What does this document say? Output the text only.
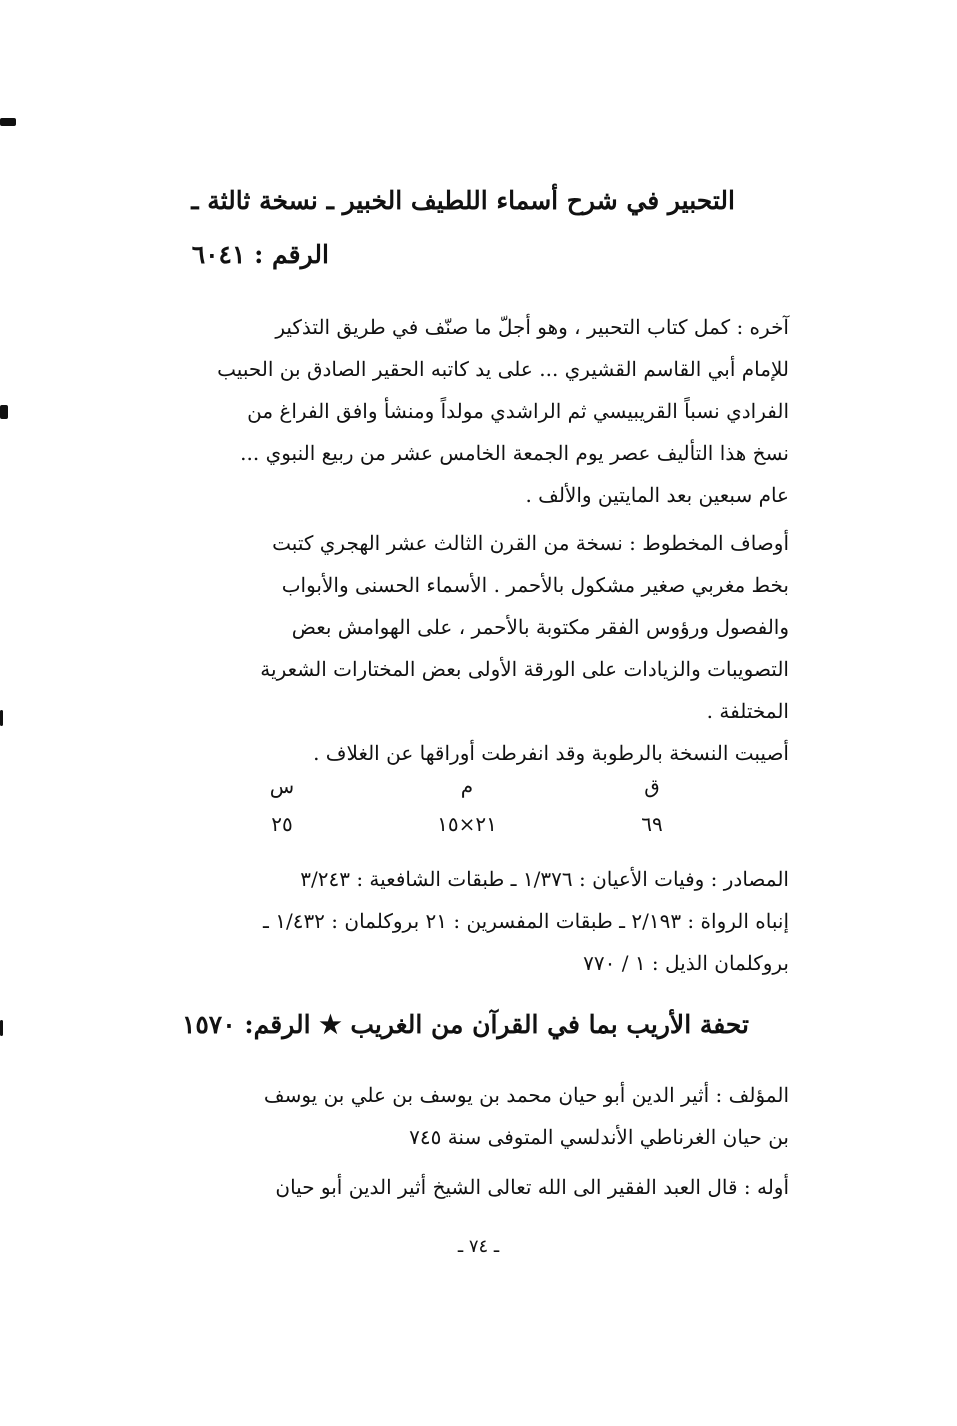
التحبير في شرح أسماء اللطيف الخبير ـ نسخة ثالثة ـ
الرقم : ٦٠٤١
آخره : كمل كتاب التحبير ، وهو أجلّ ما صنّف في طريق التذكير
للإمام أبي القاسم القشيري ... على يد كاتبه الحقير الصادق بن الحبيب
الفرادي نسباً القريبيسي ثم الراشدي مولداً ومنشأ وافق الفراغ من
نسخ هذا التأليف عصر يوم الجمعة الخامس عشر من ربيع النبوي ...
عام سبعين بعد المايتين والألف .
أوصاف المخطوط : نسخة من القرن الثالث عشر الهجري كتبت
بخط مغربي صغير مشكول بالأحمر . الأسماء الحسنى والأبواب
والفصول ورؤوس الفقر مكتوبة بالأحمر ، على الهوامش بعض
التصويبات والزيادات على الورقة الأولى بعض المختارات الشعرية
المختلفة .
أصيبت النسخة بالرطوبة وقد انفرطت أوراقها عن الغلاف .
ق
م
س
٦٩
٢١×١٥
٢٥
المصادر : وفيات الأعيان : ١/٣٧٦ ـ طبقات الشافعية : ٣/٢٤٣
إنباه الرواة : ٢/١٩٣ ـ طبقات المفسرين : ٢١ بروكلمان : ١/٤٣٢ ـ
بروكلمان الذيل : ١ / ٧٧٠
تحفة الأريب بما في القرآن من الغريب ★ الرقم: ١٥٧٠
المؤلف : أثير الدين أبو حيان محمد بن يوسف بن علي بن يوسف
بن حيان الغرناطي الأندلسي المتوفى سنة ٧٤٥
أوله : قال العبد الفقير الى الله تعالى الشيخ أثير الدين أبو حيان
ـ ٧٤ ـ
